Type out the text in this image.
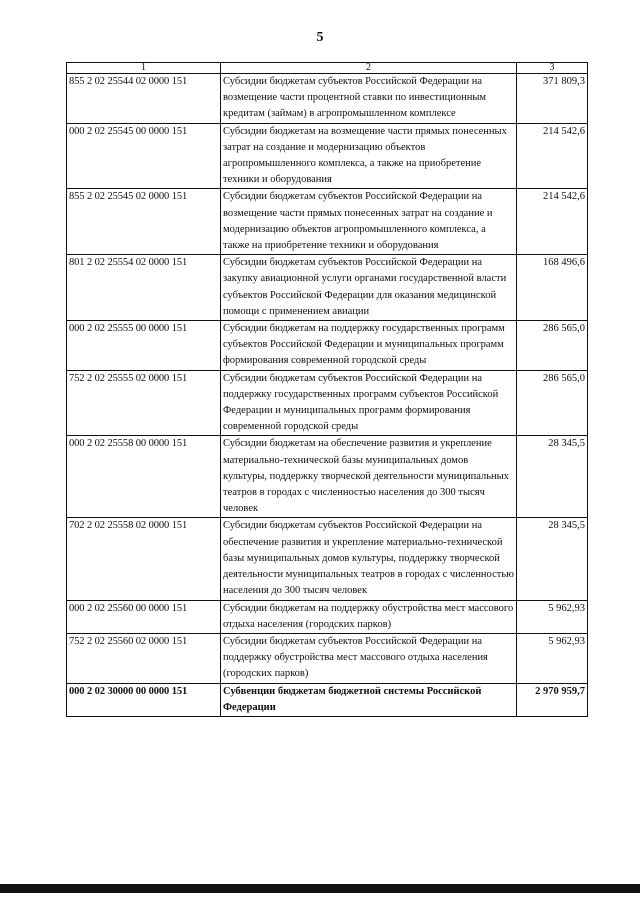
5
1	2	3
855 2 02 25544 02 0000 151	Субсидии бюджетам субъектов Российской Федерации на возмещение части процентной ставки по инвестиционным кредитам (займам) в агропромышленном комплексе	371 809,3
000 2 02 25545 00 0000 151	Субсидии бюджетам на возмещение части прямых понесенных затрат на создание и модернизацию объектов агропромышленного комплекса, а также на приобретение техники и оборудования	214 542,6
855 2 02 25545 02 0000 151	Субсидии бюджетам субъектов Российской Федерации на возмещение части прямых понесенных затрат на создание и модернизацию объектов агропромышленного комплекса, а также на приобретение техники и оборудования	214 542,6
801 2 02 25554 02 0000 151	Субсидии бюджетам субъектов Российской Федерации на закупку авиационной услуги органами государственной власти субъектов Российской Федерации для оказания медицинской помощи с применением авиации	168 496,6
000 2 02 25555 00 0000 151	Субсидии бюджетам на поддержку государственных программ субъектов Российской Федерации и муниципальных программ формирования современной городской среды	286 565,0
752 2 02 25555 02 0000 151	Субсидии бюджетам субъектов Российской Федерации на поддержку государственных программ субъектов Российской Федерации и муниципальных программ формирования современной городской среды	286 565,0
000 2 02 25558 00 0000 151	Субсидии бюджетам на обеспечение развития и укрепление материально-технической базы муниципальных домов культуры, поддержку творческой деятельности муниципальных театров в городах с численностью населения до 300 тысяч человек	28 345,5
702 2 02 25558 02 0000 151	Субсидии бюджетам субъектов Российской Федерации на обеспечение развития и укрепление материально-технической базы муниципальных домов культуры, поддержку творческой деятельности муниципальных театров в городах с численностью населения до 300 тысяч человек	28 345,5
000 2 02 25560 00 0000 151	Субсидии бюджетам на поддержку обустройства мест массового отдыха населения (городских парков)	5 962,93
752 2 02 25560 02 0000 151	Субсидии бюджетам субъектов Российской Федерации на поддержку обустройства мест массового отдыха населения (городских парков)	5 962,93
000 2 02 30000 00 0000 151	Субвенции бюджетам бюджетной системы Российской Федерации	2 970 959,7
